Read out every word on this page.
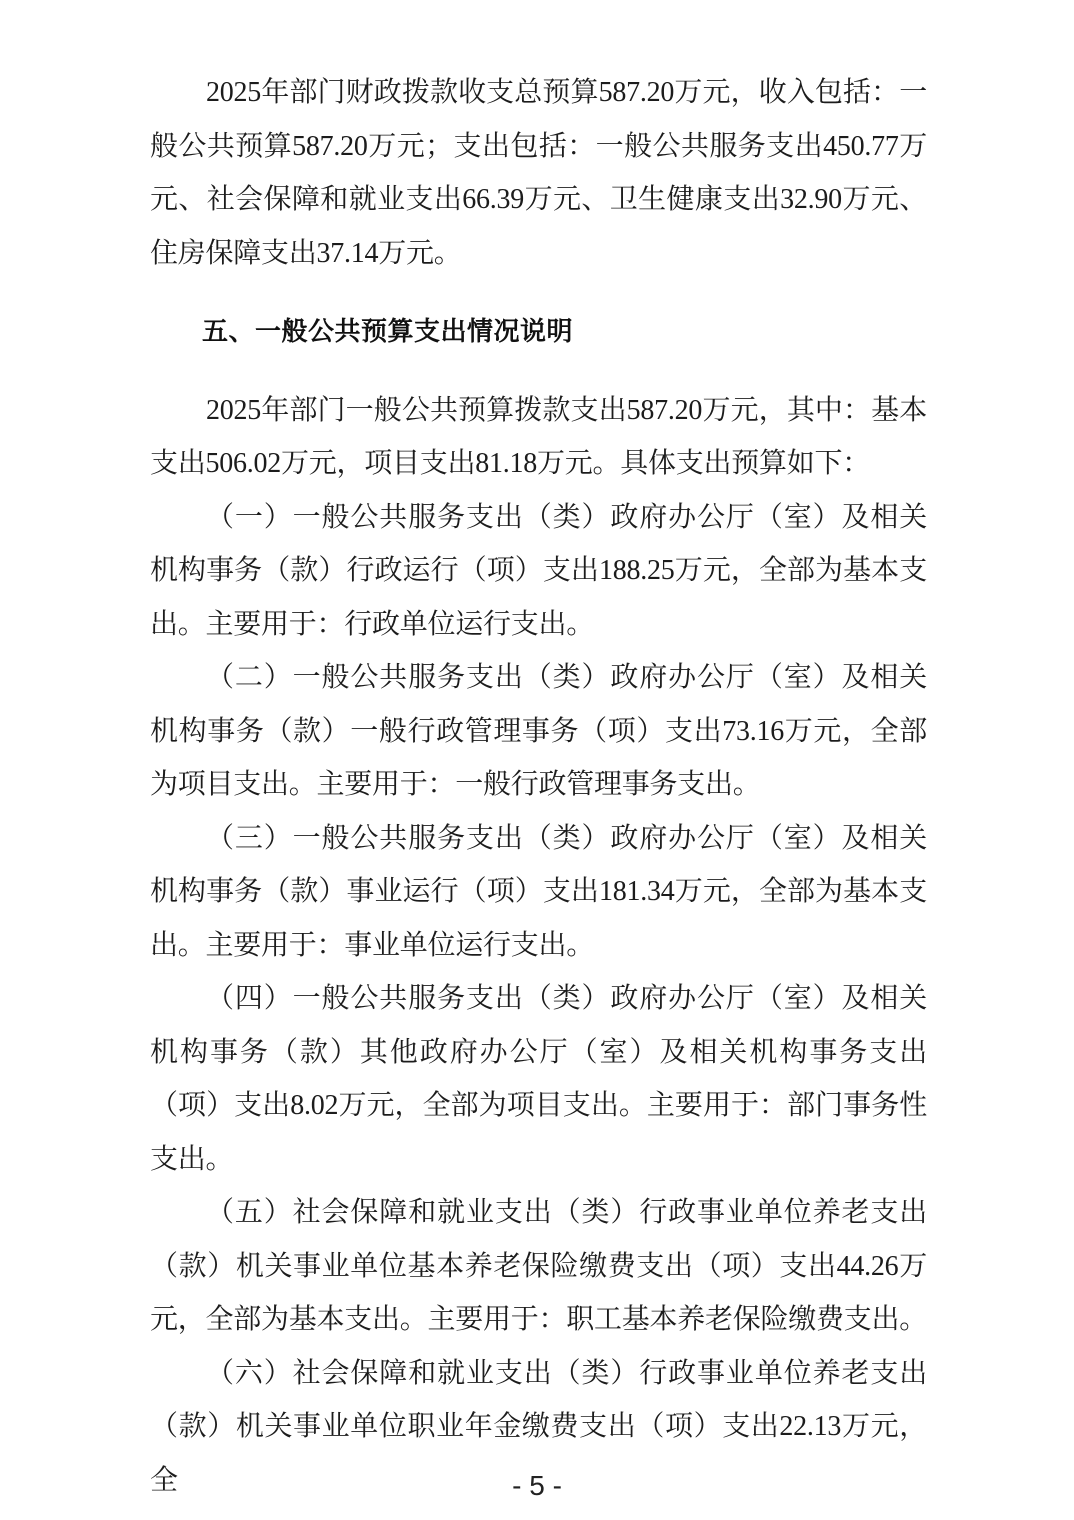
2025年部门财政拨款收支总预算587.20万元，收入包括：一般公共预算587.20万元；支出包括：一般公共服务支出450.77万元、社会保障和就业支出66.39万元、卫生健康支出32.90万元、住房保障支出37.14万元。

五、一般公共预算支出情况说明

2025年部门一般公共预算拨款支出587.20万元，其中：基本支出506.02万元，项目支出81.18万元。具体支出预算如下：

（一）一般公共服务支出（类）政府办公厅（室）及相关机构事务（款）行政运行（项）支出188.25万元，全部为基本支出。主要用于：行政单位运行支出。

（二）一般公共服务支出（类）政府办公厅（室）及相关机构事务（款）一般行政管理事务（项）支出73.16万元，全部为项目支出。主要用于：一般行政管理事务支出。

（三）一般公共服务支出（类）政府办公厅（室）及相关机构事务（款）事业运行（项）支出181.34万元，全部为基本支出。主要用于：事业单位运行支出。

（四）一般公共服务支出（类）政府办公厅（室）及相关机构事务（款）其他政府办公厅（室）及相关机构事务支出（项）支出8.02万元，全部为项目支出。主要用于：部门事务性支出。

（五）社会保障和就业支出（类）行政事业单位养老支出（款）机关事业单位基本养老保险缴费支出（项）支出44.26万元，全部为基本支出。主要用于：职工基本养老保险缴费支出。

（六）社会保障和就业支出（类）行政事业单位养老支出（款）机关事业单位职业年金缴费支出（项）支出22.13万元，全	- 5 -
